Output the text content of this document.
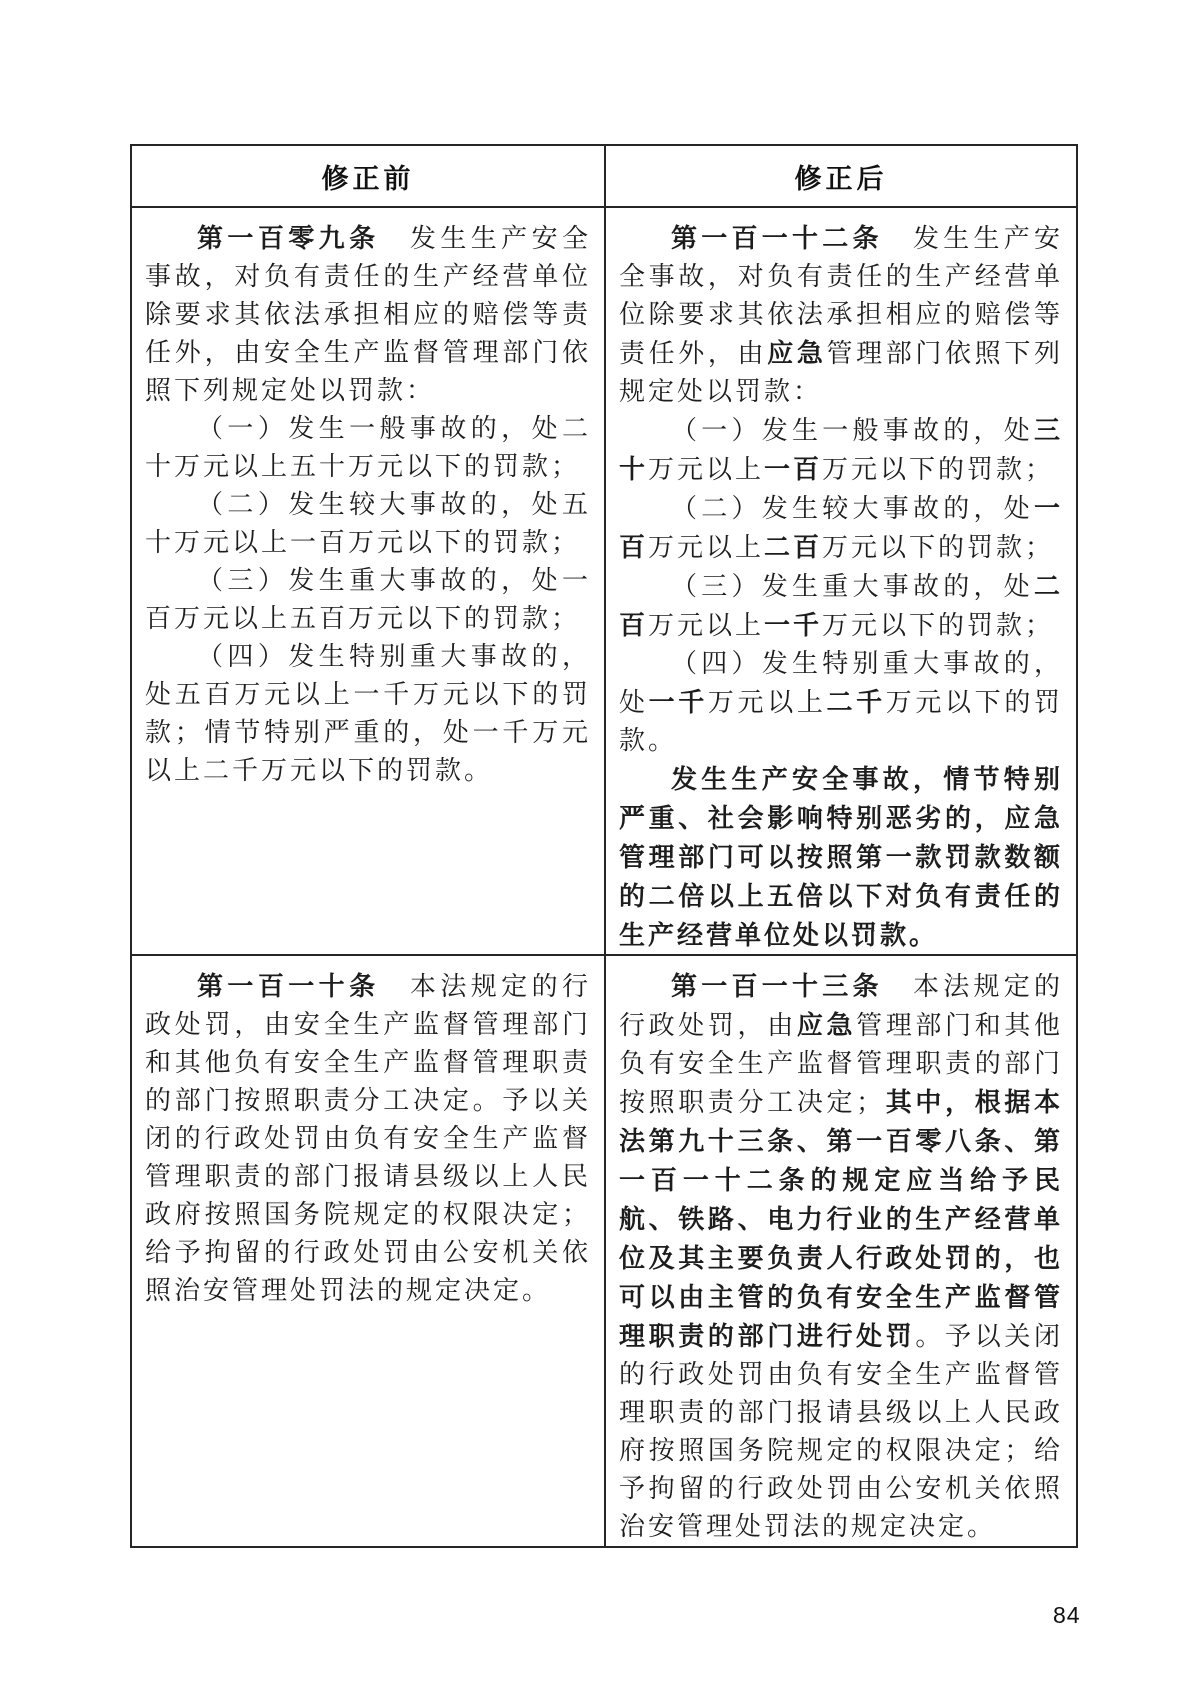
修正前	修正后

第一百零九条　发生生产安全事故，对负有责任的生产经营单位除要求其依法承担相应的赔偿等责任外，由安全生产监督管理部门依照下列规定处以罚款：

（一）发生一般事故的，处二十万元以上五十万元以下的罚款；

（二）发生较大事故的，处五十万元以上一百万元以下的罚款；

（三）发生重大事故的，处一百万元以上五百万元以下的罚款；

（四）发生特别重大事故的，处五百万元以上一千万元以下的罚款；情节特别严重的，处一千万元以上二千万元以下的罚款。

第一百一十二条　发生生产安全事故，对负有责任的生产经营单位除要求其依法承担相应的赔偿等责任外，由应急管理部门依照下列规定处以罚款：

（一）发生一般事故的，处三十万元以上一百万元以下的罚款；

（二）发生较大事故的，处一百万元以上二百万元以下的罚款；

（三）发生重大事故的，处二百万元以上一千万元以下的罚款；

（四）发生特别重大事故的，处一千万元以上二千万元以下的罚款。

发生生产安全事故，情节特别严重、社会影响特别恶劣的，应急管理部门可以按照第一款罚款数额的二倍以上五倍以下对负有责任的生产经营单位处以罚款。

第一百一十条　本法规定的行政处罚，由安全生产监督管理部门和其他负有安全生产监督管理职责的部门按照职责分工决定。予以关闭的行政处罚由负有安全生产监督管理职责的部门报请县级以上人民政府按照国务院规定的权限决定；给予拘留的行政处罚由公安机关依照治安管理处罚法的规定决定。

第一百一十三条　本法规定的行政处罚，由应急管理部门和其他负有安全生产监督管理职责的部门按照职责分工决定；其中，根据本法第九十三条、第一百零八条、第一百一十二条的规定应当给予民航、铁路、电力行业的生产经营单位及其主要负责人行政处罚的，也可以由主管的负有安全生产监督管理职责的部门进行处罚。予以关闭的行政处罚由负有安全生产监督管理职责的部门报请县级以上人民政府按照国务院规定的权限决定；给予拘留的行政处罚由公安机关依照治安管理处罚法的规定决定。

84
